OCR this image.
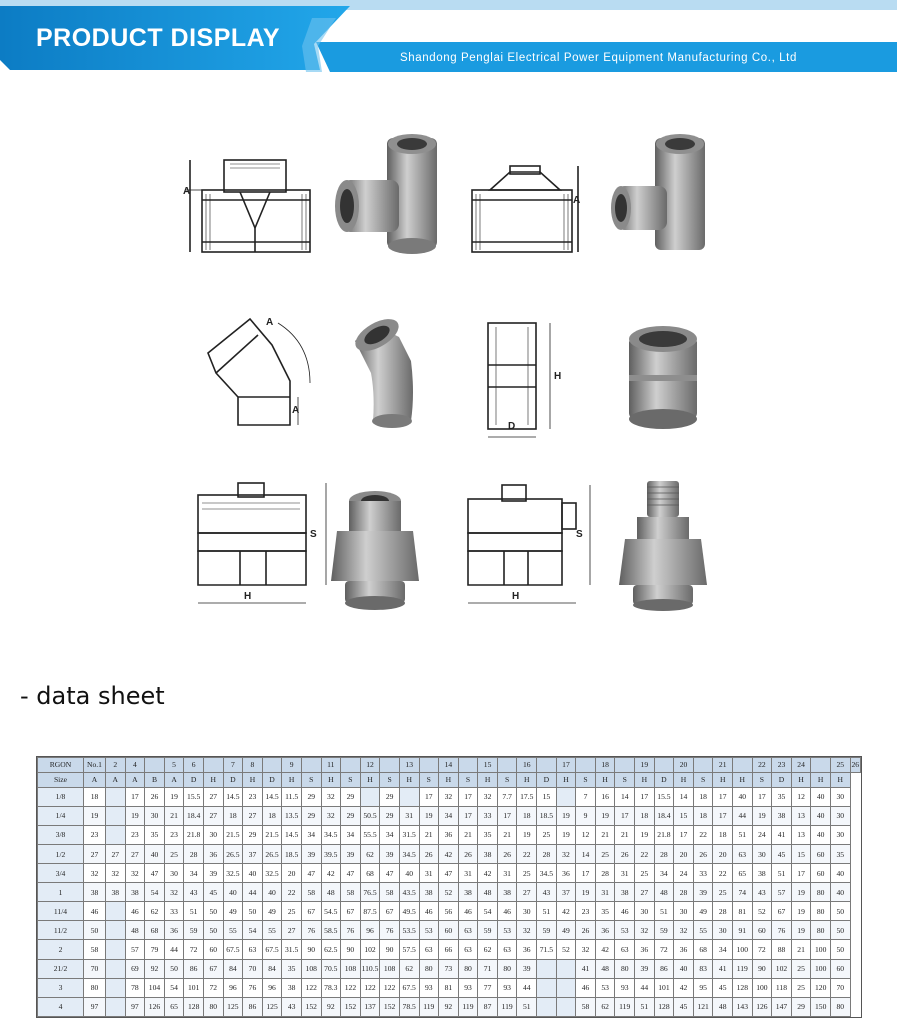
PRODUCT DISPLAY
Shandong Penglai Electrical Power Equipment Manufacturing Co., Ltd
A
A
A
A
H
D
S
H
S
H
- data sheet
RGON	No.1	2	4		5	6		7	8		9		11		12		13		14		15		16		17		18		19		20		21		22	23	24		25	26
Size	A	A	A	B	A	D	H	D	H	D	H	S	H	S	H	S	H	S	H	S	H	S	H	D	H	S	H	S	H	D	H	S	H	H	S	D	H	H	H	
1/8	18		17	26	19	15.5	27	14.5	23	14.5	11.5	29	32	29		29		17	32	17	32	7.7	17.5	15		7	16	14	17	15.5	14	18	17	40	17	35	12	40	30	
1/4	19		19	30	21	18.4	27	18	27	18	13.5	29	32	29	50.5	29	31	19	34	17	33	17	18	18.5	19	9	19	17	18	18.4	15	18	17	44	19	38	13	40	30	
3/8	23		23	35	23	21.8	30	21.5	29	21.5	14.5	34	34.5	34	55.5	34	31.5	21	36	21	35	21	19	25	19	12	21	21	19	21.8	17	22	18	51	24	41	13	40	30	
1/2	27	27	27	40	25	28	36	26.5	37	26.5	18.5	39	39.5	39	62	39	34.5	26	42	26	38	26	22	28	32	14	25	26	22	28	20	26	20	63	30	45	15	60	35	
3/4	32	32	32	47	30	34	39	32.5	40	32.5	20	47	42	47	68	47	40	31	47	31	42	31	25	34.5	36	17	28	31	25	34	24	33	22	65	38	51	17	60	40	
1	38	38	38	54	32	43	45	40	44	40	22	58	48	58	76.5	58	43.5	38	52	38	48	38	27	43	37	19	31	38	27	48	28	39	25	74	43	57	19	80	40	
11/4	46		46	62	33	51	50	49	50	49	25	67	54.5	67	87.5	67	49.5	46	56	46	54	46	30	51	42	23	35	46	30	51	30	49	28	81	52	67	19	80	50	
11/2	50		48	68	36	59	50	55	54	55	27	76	58.5	76	96	76	53.5	53	60	63	59	53	32	59	49	26	36	53	32	59	32	55	30	91	60	76	19	80	50	
2	58		57	79	44	72	60	67.5	63	67.5	31.5	90	62.5	90	102	90	57.5	63	66	63	62	63	36	71.5	52	32	42	63	36	72	36	68	34	100	72	88	21	100	50	
21/2	70		69	92	50	86	67	84	70	84	35	108	70.5	108	110.5	108	62	80	73	80	71	80	39			41	48	80	39	86	40	83	41	119	90	102	25	100	60	
3	80		78	104	54	101	72	96	76	96	38	122	78.3	122	122	122	67.5	93	81	93	77	93	44			46	53	93	44	101	42	95	45	128	100	118	25	120	70	
4	97		97	126	65	128	80	125	86	125	43	152	92	152	137	152	78.5	119	92	119	87	119	51			58	62	119	51	128	45	121	48	143	126	147	29	150	80	
